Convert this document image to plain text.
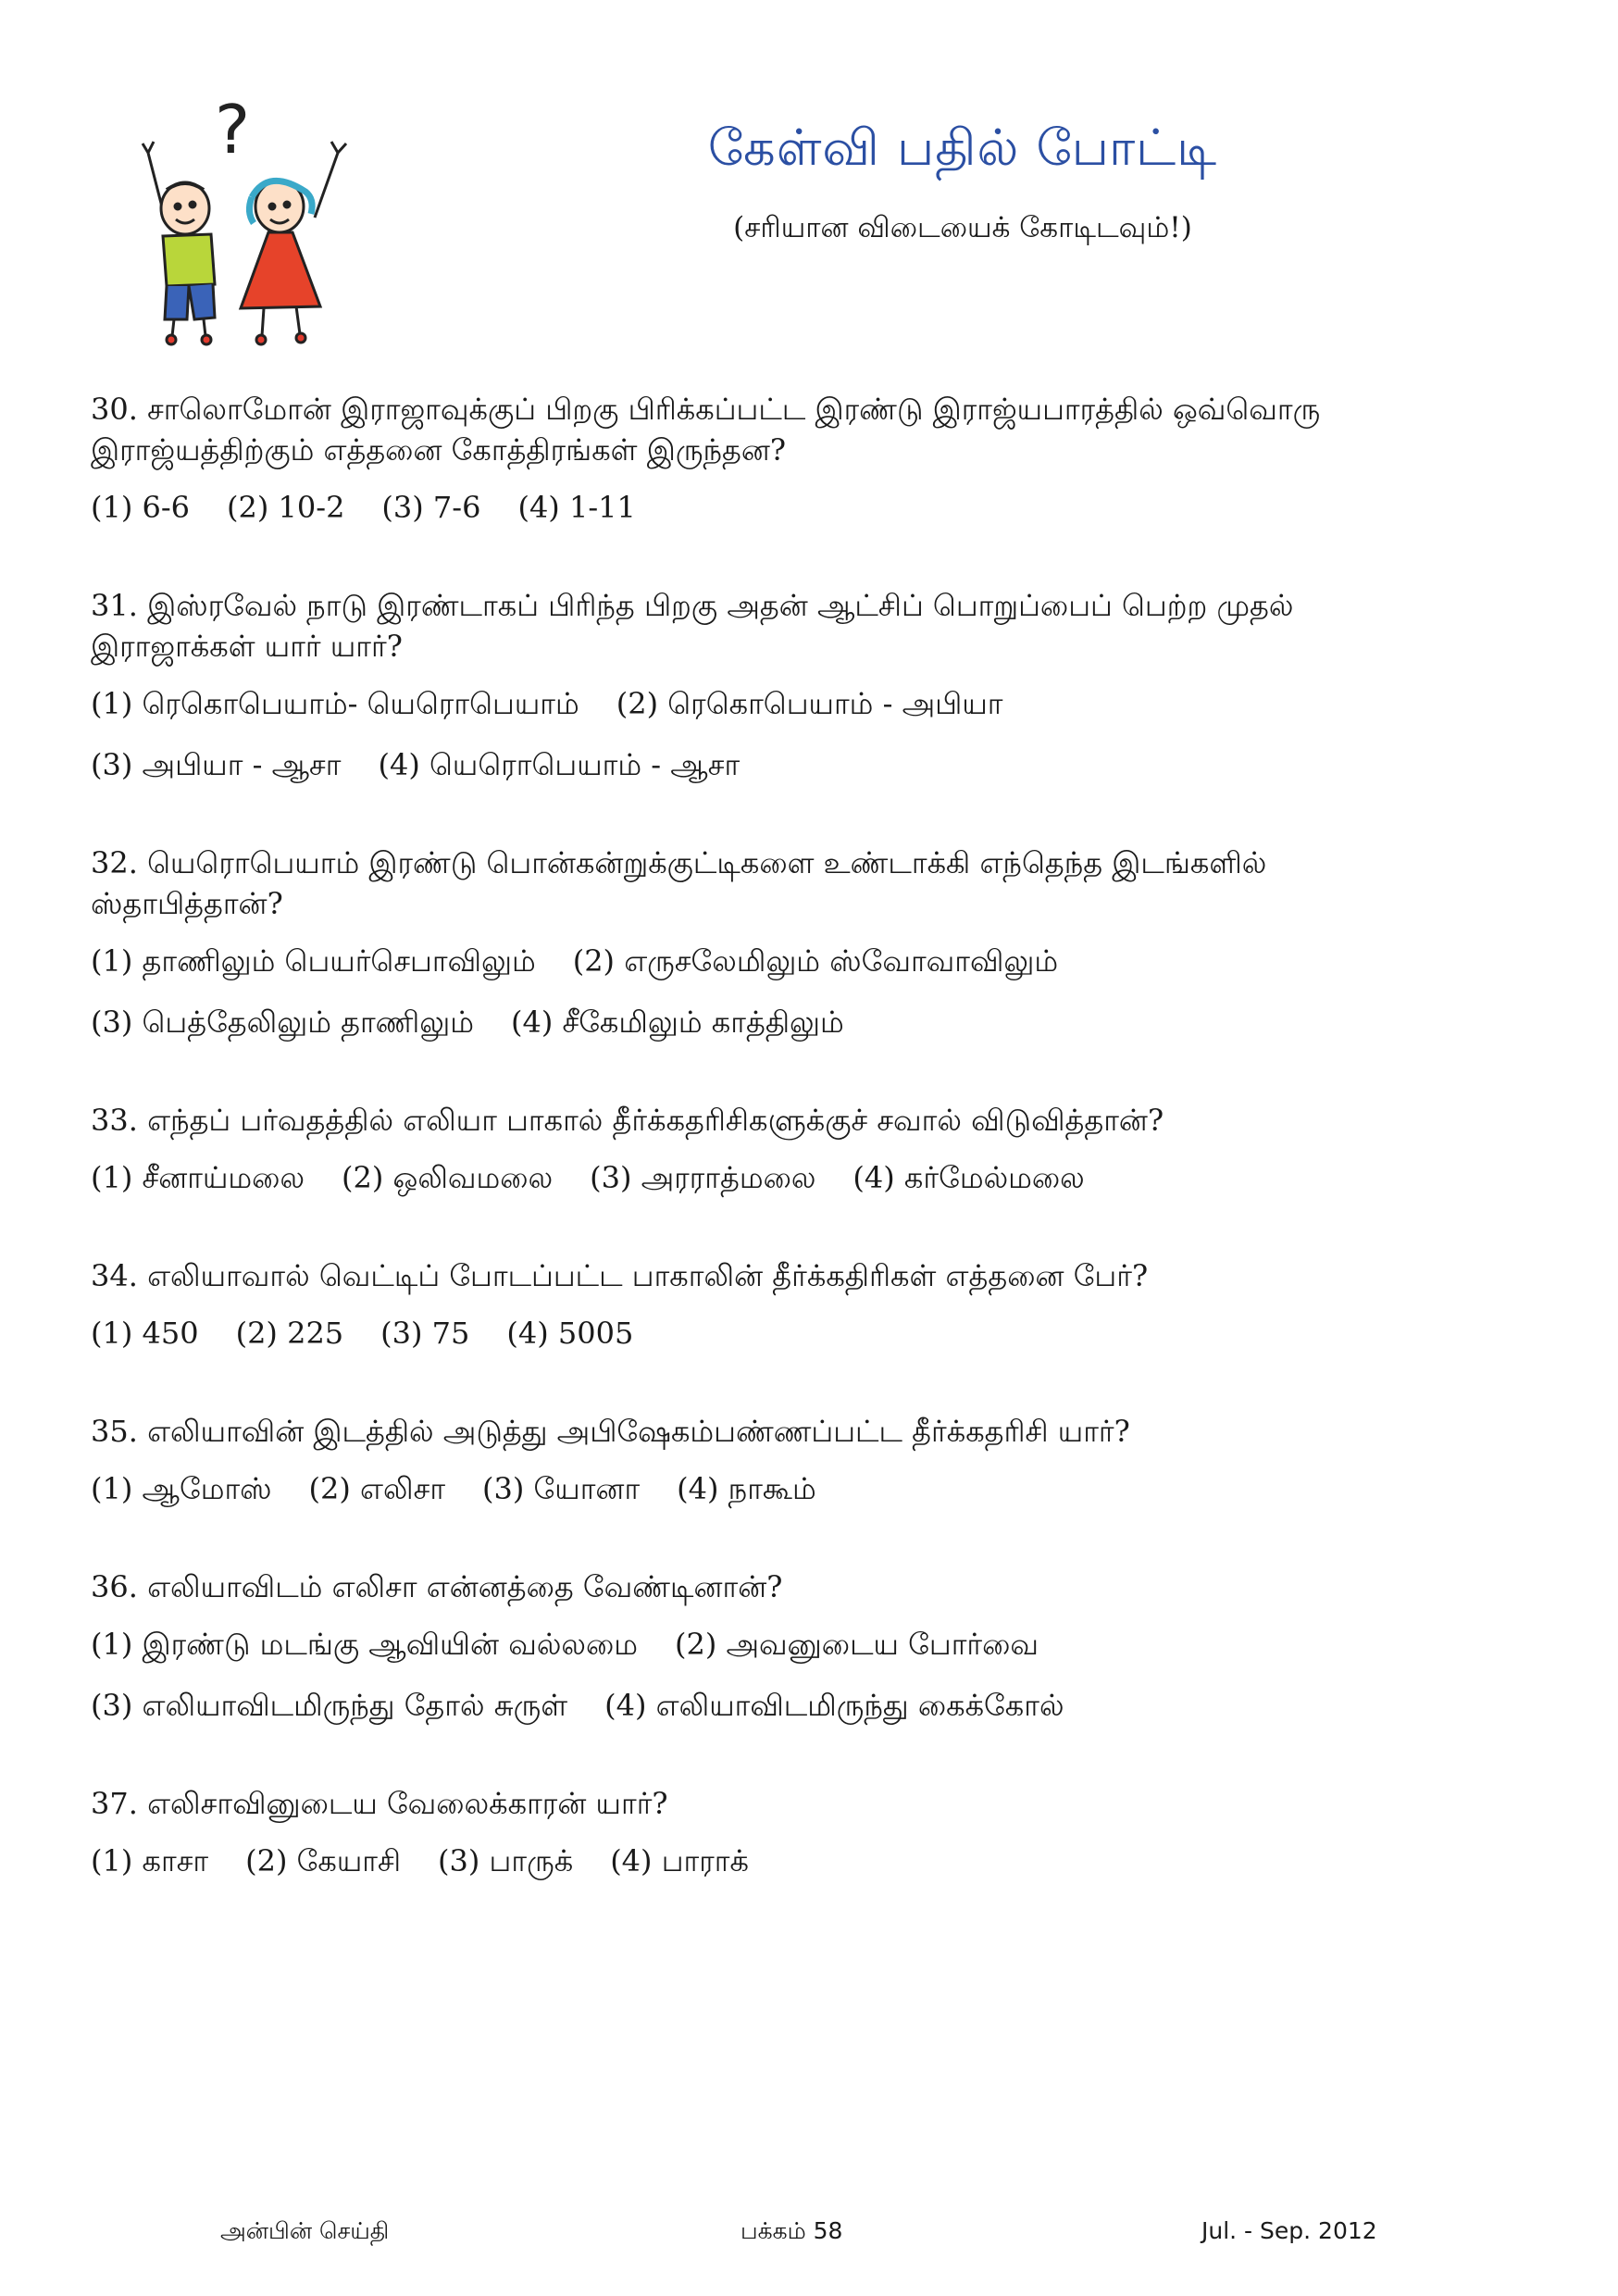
?	கேள்வி பதில் போட்டி
(சரியான விடையைக் கோடிடவும்!)

30. சாலொமோன் இராஜாவுக்குப் பிறகு பிரிக்கப்பட்ட இரண்டு இராஜ்யபாரத்தில் ஒவ்வொரு இராஜ்யத்திற்கும் எத்தனை கோத்திரங்கள் இருந்தன?

(1) 6-6 (2) 10-2 (3) 7-6 (4) 1-11

31. இஸ்ரவேல் நாடு இரண்டாகப் பிரிந்த பிறகு அதன் ஆட்சிப் பொறுப்பைப் பெற்ற முதல் இராஜாக்கள் யார் யார்?

(1) ரெகொபெயாம்- யெரொபெயாம் (2) ரெகொபெயாம் - அபியா
(3) அபியா - ஆசா (4) யெரொபெயாம் - ஆசா

32. யெரொபெயாம் இரண்டு பொன்கன்றுக்குட்டிகளை உண்டாக்கி எந்தெந்த இடங்களில் ஸ்தாபித்தான்?

(1) தாணிலும் பெயர்செபாவிலும் (2) எருசலேமிலும் ஸ்வோவாவிலும்
(3) பெத்தேலிலும் தாணிலும் (4) சீகேமிலும் காத்திலும்

33. எந்தப் பர்வதத்தில் எலியா பாகால் தீர்க்கதரிசிகளுக்குச் சவால் விடுவித்தான்?

(1) சீனாய்மலை (2) ஒலிவமலை (3) அரராத்மலை (4) கர்மேல்மலை

34. எலியாவால் வெட்டிப் போடப்பட்ட பாகாலின் தீர்க்கதிரிகள் எத்தனை பேர்?

(1) 450 (2) 225 (3) 75 (4) 5005

35. எலியாவின் இடத்தில் அடுத்து அபிஷேகம்பண்ணப்பட்ட தீர்க்கதரிசி யார்?

(1) ஆமோஸ் (2) எலிசா (3) யோனா (4) நாகூம்

36. எலியாவிடம் எலிசா என்னத்தை வேண்டினான்?

(1) இரண்டு மடங்கு ஆவியின் வல்லமை (2) அவனுடைய போர்வை
(3) எலியாவிடமிருந்து தோல் சுருள் (4) எலியாவிடமிருந்து கைக்கோல்

37. எலிசாவினுடைய வேலைக்காரன் யார்?

(1) காசா (2) கேயாசி (3) பாருக் (4) பாராக்
அன்பின் செய்தி	பக்கம் 58	Jul. - Sep. 2012
